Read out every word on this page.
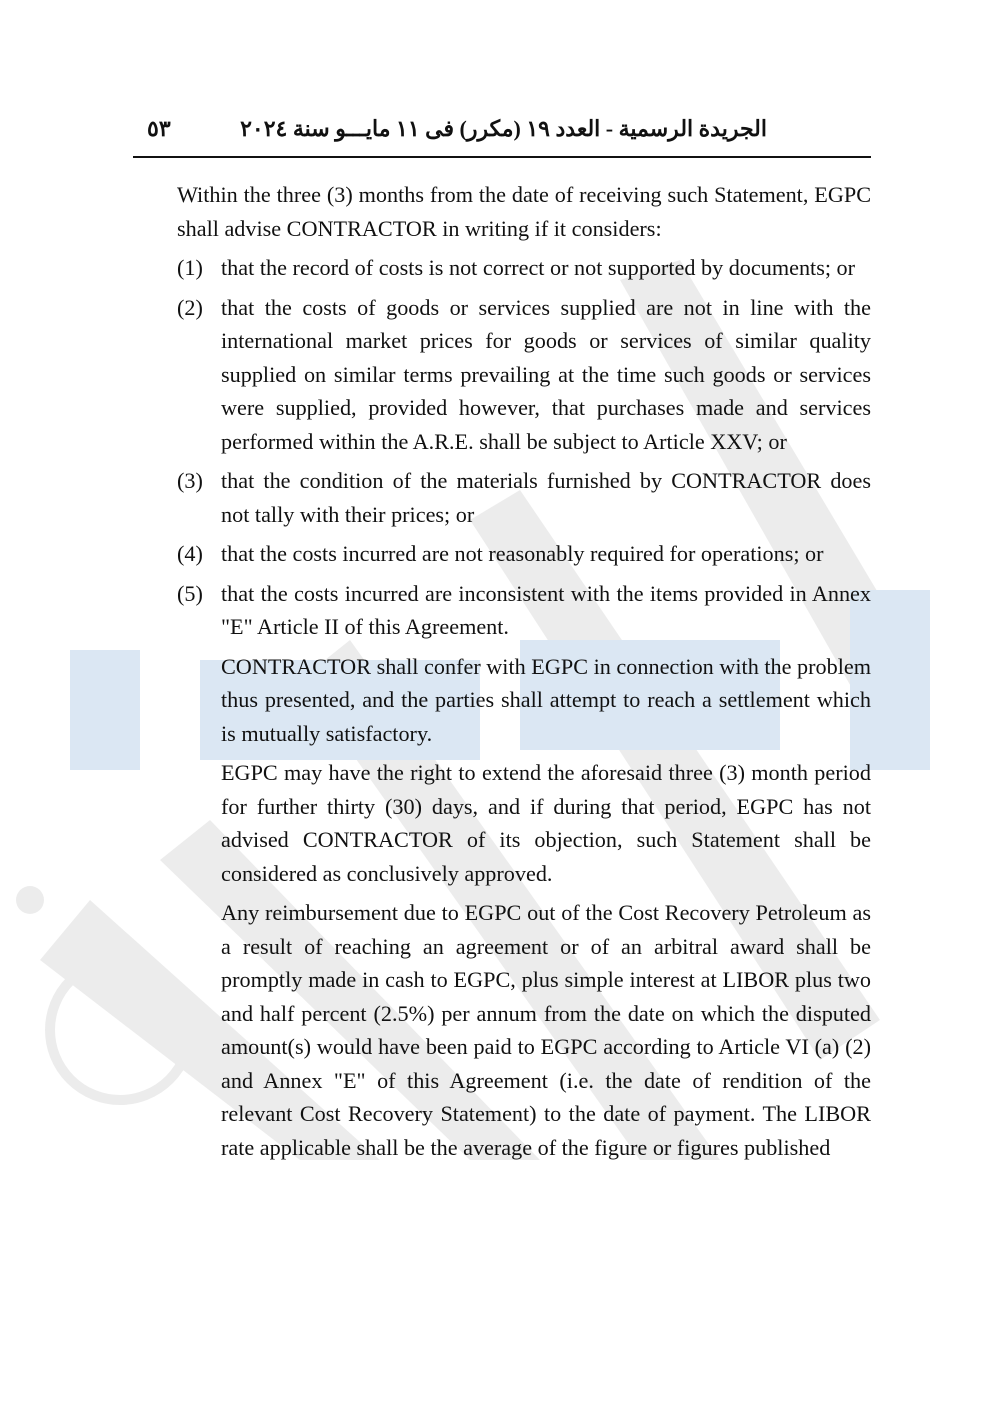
الجريدة الرسمية - العدد ١٩ (مكرر) فى ١١ مايـــو سنة ٢٠٢٤
٥٣

Within the three (3) months from the date of receiving such Statement, EGPC shall advise CONTRACTOR in writing if it considers:

(1) that the record of costs is not correct or not supported by documents; or
(2) that the costs of goods or services supplied are not in line with the international market prices for goods or services of similar quality supplied on similar terms prevailing at the time such goods or services were supplied, provided however, that purchases made and services performed within the A.R.E. shall be subject to Article XXV; or
(3) that the condition of the materials furnished by CONTRACTOR does not tally with their prices; or
(4) that the costs incurred are not reasonably required for operations; or
(5) that the costs incurred are inconsistent with the items provided in Annex "E" Article II of this Agreement.

CONTRACTOR shall confer with EGPC in connection with the problem thus presented, and the parties shall attempt to reach a settlement which is mutually satisfactory.

EGPC may have the right to extend the aforesaid three (3) month period for further thirty (30) days, and if during that period, EGPC has not advised CONTRACTOR of its objection, such Statement shall be considered as conclusively approved.

Any reimbursement due to EGPC out of the Cost Recovery Petroleum as a result of reaching an agreement or of an arbitral award shall be promptly made in cash to EGPC, plus simple interest at LIBOR plus two and half percent (2.5%) per annum from the date on which the disputed amount(s) would have been paid to EGPC according to Article VI (a) (2) and Annex "E" of this Agreement (i.e. the date of rendition of the relevant Cost Recovery Statement) to the date of payment. The LIBOR rate applicable shall be the average of the figure or figures published
